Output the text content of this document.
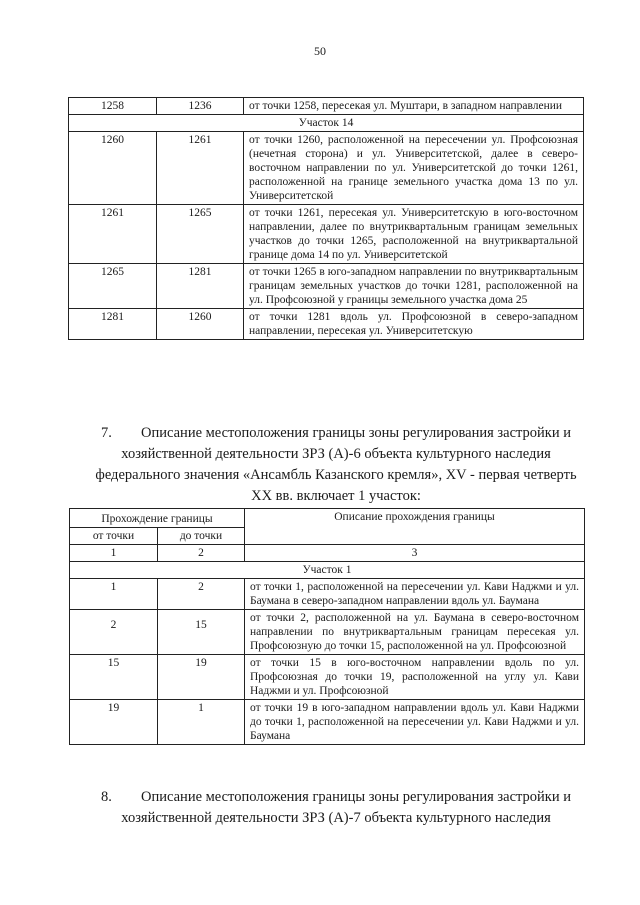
50
1258	1236	от точки 1258, пересекая ул. Муштари, в западном направлении
Участок 14		
1260	1261	от точки 1260, расположенной на пересечении ул. Профсоюзная (нечетная сторона) и ул. Университетской, далее в северо-восточном направлении по ул. Университетской до точки 1261, расположенной на границе земельного участка дома 13 по ул. Университетской
1261	1265	от точки 1261, пересекая ул. Университетскую в юго-восточном направлении, далее по внутриквартальным границам земельных участков до точки 1265, расположенной на внутриквартальной границе дома 14 по ул. Университетской
1265	1281	от точки 1265 в юго-западном направлении по внутриквартальным границам земельных участков до точки 1281, расположенной на ул. Профсоюзной у границы земельного участка дома 25
1281	1260	от точки 1281 вдоль ул. Профсоюзной в северо-западном направлении, пересекая ул. Университетскую
7. Описание местоположения границы зоны регулирования застройки и
хозяйственной деятельности ЗРЗ (А)-6 объекта культурного наследия
федерального значения «Ансамбль Казанского кремля», XV - первая четверть
XX вв. включает 1 участок:
Прохождение границы		Описание прохождения границы
от точки	до точки	
1	2	3
Участок 1		
1	2	от точки 1, расположенной на пересечении ул. Кави Наджми и ул. Баумана в северо-западном направлении вдоль ул. Баумана
2	15	от точки 2, расположенной на ул. Баумана в северо-восточном направлении по внутриквартальным границам пересекая ул. Профсоюзную до точки 15, расположенной на ул. Профсоюзной
15	19	от точки 15 в юго-восточном направлении вдоль по ул. Профсоюзная до точки 19, расположенной на углу ул. Кави Наджми и ул. Профсоюзной
19	1	от точки 19 в юго-западном направлении вдоль ул. Кави Наджми до точки 1, расположенной на пересечении ул. Кави Наджми и ул. Баумана
8. Описание местоположения границы зоны регулирования застройки и
хозяйственной деятельности ЗРЗ (А)-7 объекта культурного наследия
